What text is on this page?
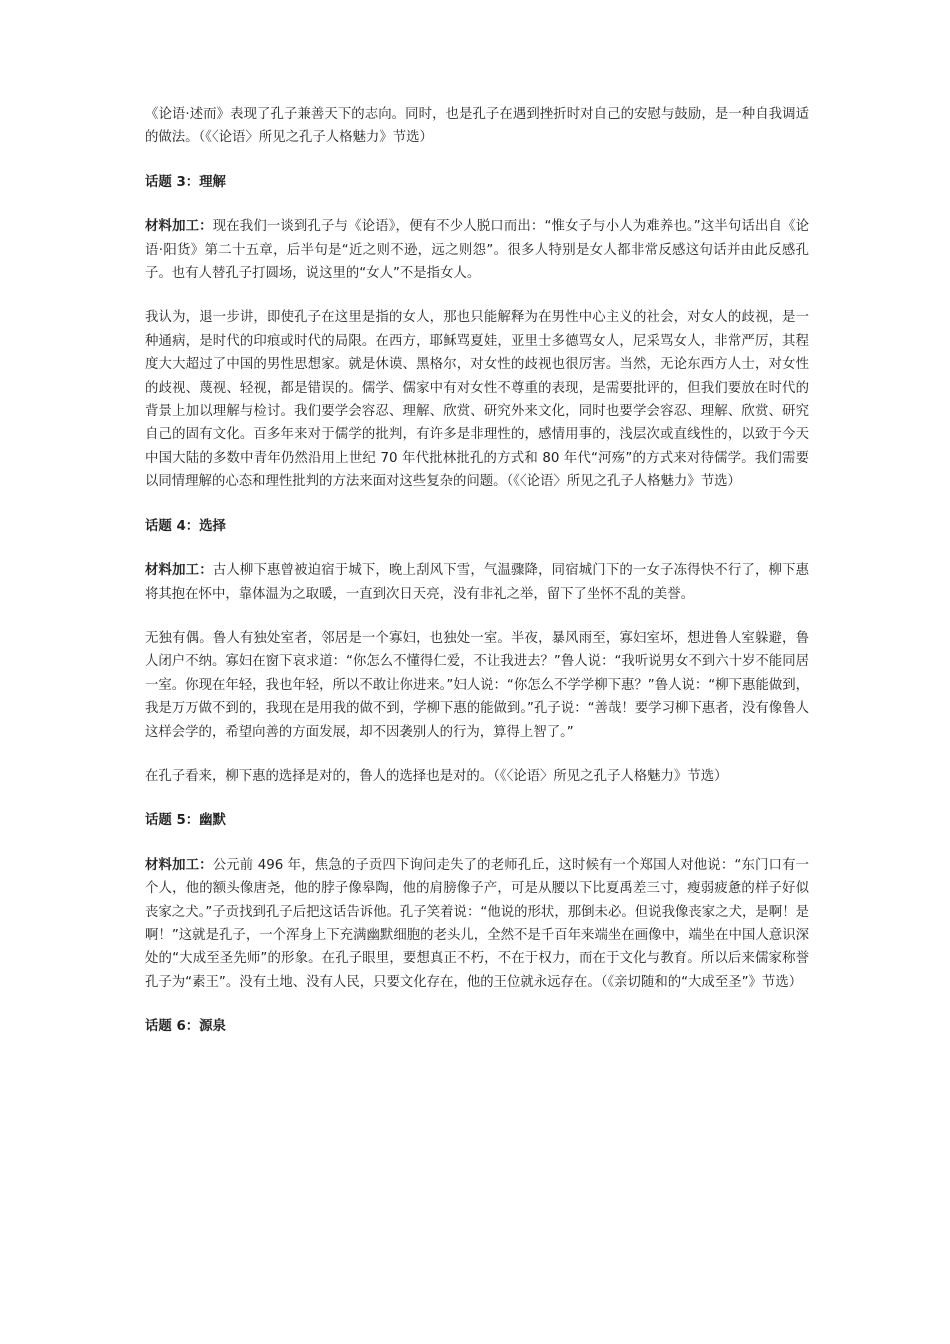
《论语·述而》表现了孔子兼善天下的志向。同时，也是孔子在遇到挫折时对自己的安慰与鼓励，是一种自我调适的做法。（《〈论语〉所见之孔子人格魅力》节选）

话题 3：理解

材料加工：现在我们一谈到孔子与《论语》，便有不少人脱口而出：“惟女子与小人为难养也。”这半句话出自《论语·阳货》第二十五章，后半句是“近之则不逊，远之则怨”。很多人特别是女人都非常反感这句话并由此反感孔子。也有人替孔子打圆场，说这里的“女人”不是指女人。

我认为，退一步讲，即使孔子在这里是指的女人，那也只能解释为在男性中心主义的社会，对女人的歧视，是一种通病，是时代的印痕或时代的局限。在西方，耶稣骂夏娃，亚里士多德骂女人，尼采骂女人，非常严厉，其程度大大超过了中国的男性思想家。就是休谟、黑格尔，对女性的歧视也很厉害。当然，无论东西方人士，对女性的歧视、蔑视、轻视，都是错误的。儒学、儒家中有对女性不尊重的表现，是需要批评的，但我们要放在时代的背景上加以理解与检讨。我们要学会容忍、理解、欣赏、研究外来文化，同时也要学会容忍、理解、欣赏、研究自己的固有文化。百多年来对于儒学的批判，有许多是非理性的，感情用事的，浅层次或直线性的，以致于今天中国大陆的多数中青年仍然沿用上世纪 70 年代批林批孔的方式和 80 年代“河殇”的方式来对待儒学。我们需要以同情理解的心态和理性批判的方法来面对这些复杂的问题。（《〈论语〉所见之孔子人格魅力》节选）

话题 4：选择

材料加工：古人柳下惠曾被迫宿于城下，晚上刮风下雪，气温骤降，同宿城门下的一女子冻得快不行了，柳下惠将其抱在怀中，靠体温为之取暖，一直到次日天亮，没有非礼之举，留下了坐怀不乱的美誉。

无独有偶。鲁人有独处室者，邻居是一个寡妇，也独处一室。半夜，暴风雨至，寡妇室坏，想进鲁人室躲避，鲁人闭户不纳。寡妇在窗下哀求道：“你怎么不懂得仁爱，不让我进去？”鲁人说：“我听说男女不到六十岁不能同居一室。你现在年轻，我也年轻，所以不敢让你进来。”妇人说：“你怎么不学学柳下惠？”鲁人说：“柳下惠能做到，我是万万做不到的，我现在是用我的做不到，学柳下惠的能做到。”孔子说：“善哉！要学习柳下惠者，没有像鲁人这样会学的，希望向善的方面发展，却不因袭别人的行为，算得上智了。”

在孔子看来，柳下惠的选择是对的，鲁人的选择也是对的。（《〈论语〉所见之孔子人格魅力》节选）

话题 5：幽默

材料加工：公元前 496 年，焦急的子贡四下询问走失了的老师孔丘，这时候有一个郑国人对他说：“东门口有一个人，他的额头像唐尧，他的脖子像皋陶，他的肩膀像子产，可是从腰以下比夏禹差三寸，瘦弱疲惫的样子好似丧家之犬。”子贡找到孔子后把这话告诉他。孔子笑着说：“他说的形状，那倒未必。但说我像丧家之犬，是啊！是啊！”这就是孔子，一个浑身上下充满幽默细胞的老头儿，全然不是千百年来端坐在画像中，端坐在中国人意识深处的“大成至圣先师”的形象。在孔子眼里，要想真正不朽，不在于权力，而在于文化与教育。所以后来儒家称誉孔子为“素王”。没有土地、没有人民，只要文化存在，他的王位就永远存在。（《亲切随和的“大成至圣”》节选）

话题 6：源泉
